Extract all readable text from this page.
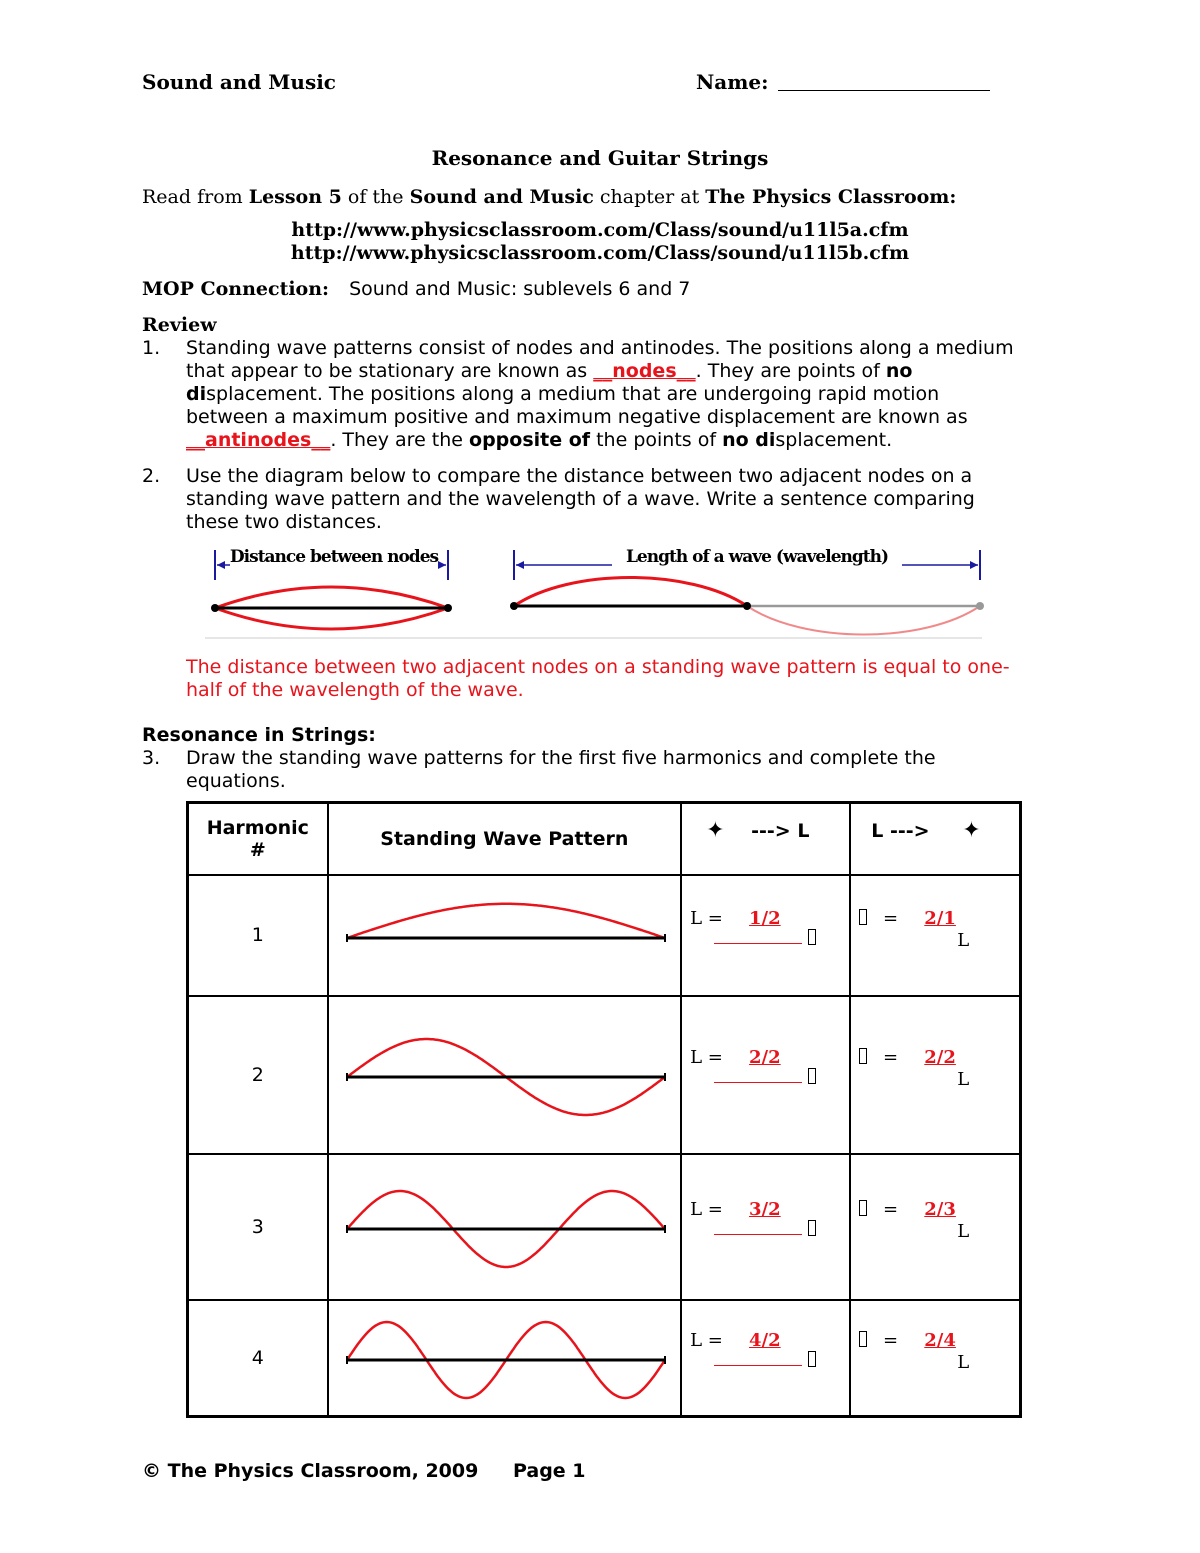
Sound and Music	Name:
Resonance and Guitar Strings
Read from Lesson 5 of the Sound and Music chapter at The Physics Classroom:
http://www.physicsclassroom.com/Class/sound/u11l5a.cfm
http://www.physicsclassroom.com/Class/sound/u11l5b.cfm
MOP Connection: Sound and Music: sublevels 6 and 7
Review
1. Standing wave patterns consist of nodes and antinodes. The positions along a medium
that appear to be stationary are known as __nodes__. They are points of no
displacement. The positions along a medium that are undergoing rapid motion
between a maximum positive and maximum negative displacement are known as
__antinodes__. They are the opposite of the points of no displacement.
2. Use the diagram below to compare the distance between two adjacent nodes on a
standing wave pattern and the wavelength of a wave. Write a sentence comparing
these two distances.
Distance between nodes	Length of a wave (wavelength)
The distance between two adjacent nodes on a standing wave pattern is equal to one-
half of the wavelength of the wave.
Resonance in Strings:
3. Draw the standing wave patterns for the first five harmonics and complete the
equations.
Harmonic
#	Standing Wave Pattern	✦ ---> L	L ---> ✦
1		L = 1/2	= 2/1
L

2		L = 2/2	= 2/2
L

3		L = 3/2	= 2/3
L

4		L = 4/2	= 2/4
L
© The Physics Classroom, 2009 Page 1
